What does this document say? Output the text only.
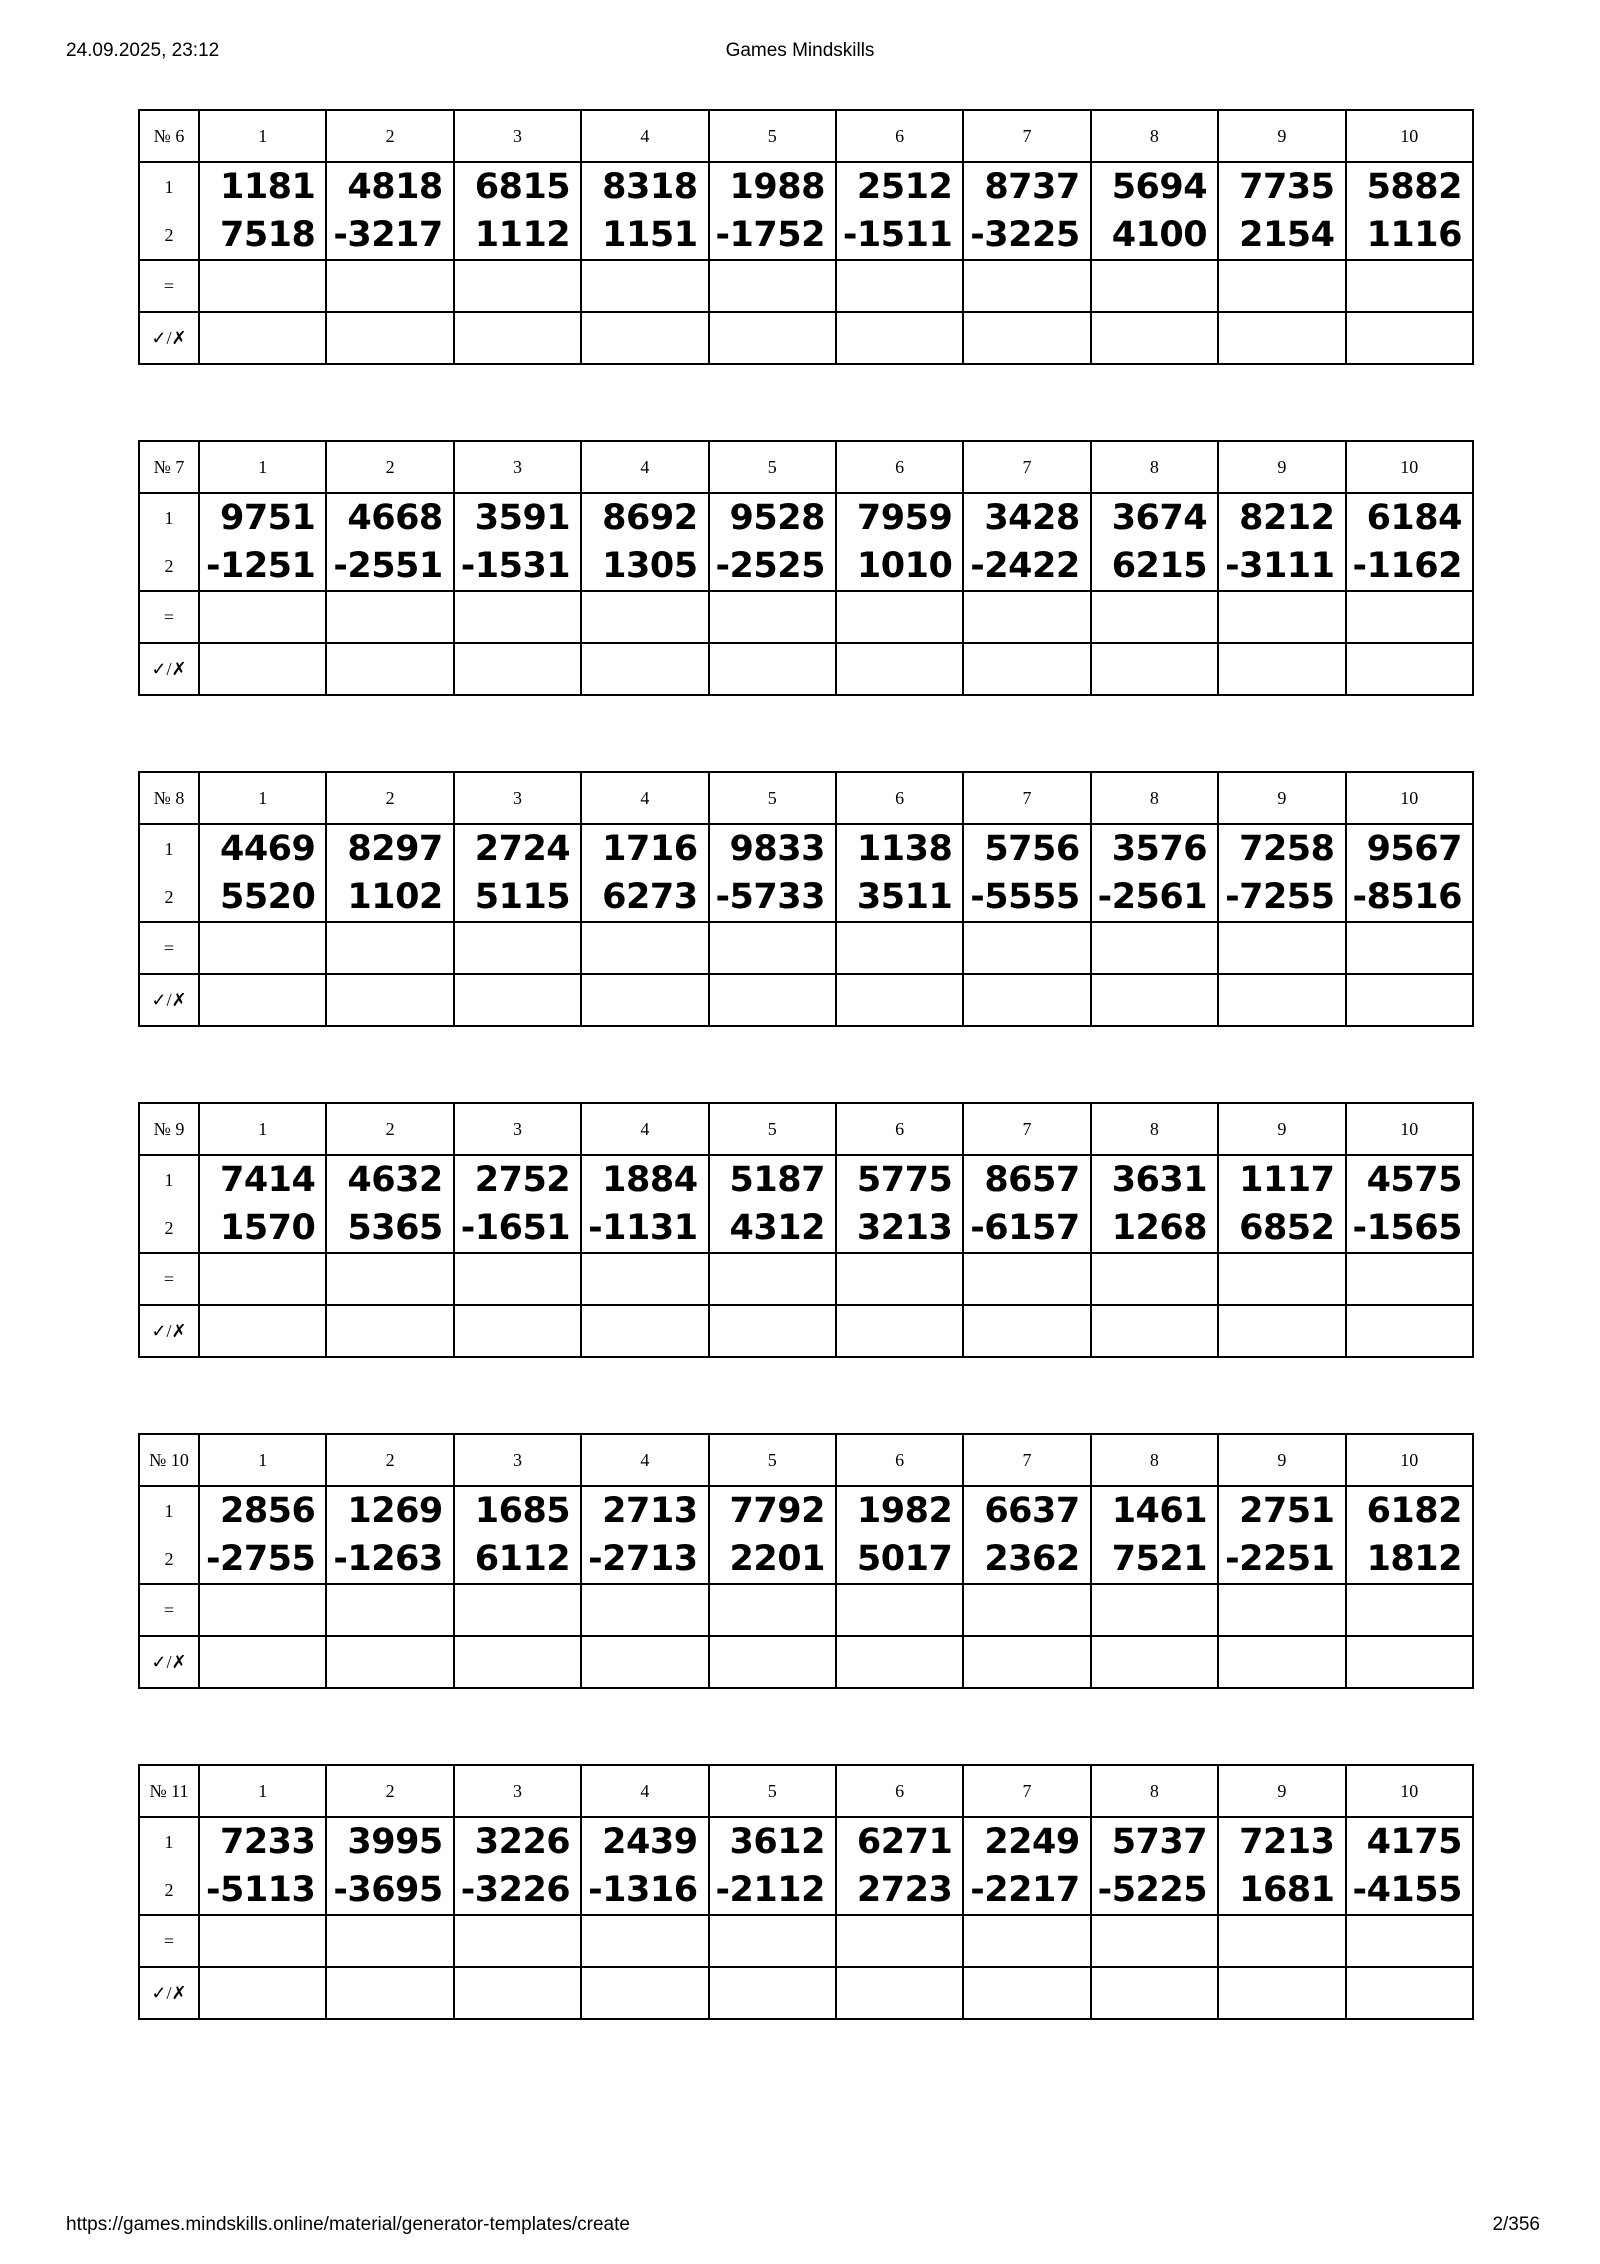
24.09.2025, 23:12	Games Mindskills
№ 6	1	2	3	4	5	6	7	8	9	10
1	1181	4818	6815	8318	1988	2512	8737	5694	7735	5882
2	7518	-3217	1112	1151	-1752	-1511	-3225	4100	2154	1116
=										
✓/✗										
№ 7	1	2	3	4	5	6	7	8	9	10
1	9751	4668	3591	8692	9528	7959	3428	3674	8212	6184
2	-1251	-2551	-1531	1305	-2525	1010	-2422	6215	-3111	-1162
=										
✓/✗										
№ 8	1	2	3	4	5	6	7	8	9	10
1	4469	8297	2724	1716	9833	1138	5756	3576	7258	9567
2	5520	1102	5115	6273	-5733	3511	-5555	-2561	-7255	-8516
=										
✓/✗										
№ 9	1	2	3	4	5	6	7	8	9	10
1	7414	4632	2752	1884	5187	5775	8657	3631	1117	4575
2	1570	5365	-1651	-1131	4312	3213	-6157	1268	6852	-1565
=										
✓/✗										
№ 10	1	2	3	4	5	6	7	8	9	10
1	2856	1269	1685	2713	7792	1982	6637	1461	2751	6182
2	-2755	-1263	6112	-2713	2201	5017	2362	7521	-2251	1812
=										
✓/✗										
№ 11	1	2	3	4	5	6	7	8	9	10
1	7233	3995	3226	2439	3612	6271	2249	5737	7213	4175
2	-5113	-3695	-3226	-1316	-2112	2723	-2217	-5225	1681	-4155
=										
✓/✗										
https://games.mindskills.online/material/generator-templates/create	2/356
